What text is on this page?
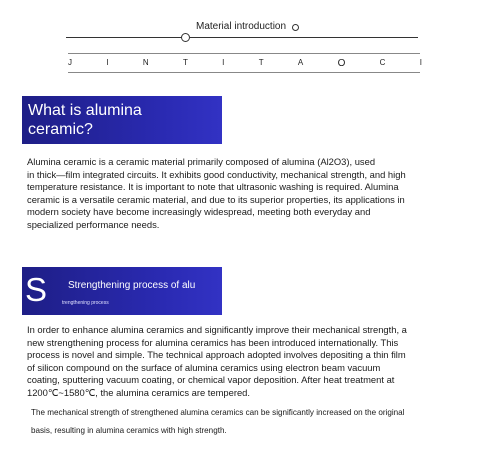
Material introduction
J	I	N	T	I	T	A	O	C	I
What is alumina
ceramic?
Alumina ceramic is a ceramic material primarily composed of alumina (Al2O3), used
in thick—film integrated circuits. It exhibits good conductivity, mechanical strength, and high
temperature resistance. It is important to note that ultrasonic washing is required. Alumina
ceramic is a versatile ceramic material, and due to its superior properties, its applications in
modern society have become increasingly widespread, meeting both everyday and
specialized performance needs.
S Strengthening process of alu
trengthening process
In order to enhance alumina ceramics and significantly improve their mechanical strength, a
new strengthening process for alumina ceramics has been introduced internationally. This
process is novel and simple. The technical approach adopted involves depositing a thin film
of silicon compound on the surface of alumina ceramics using electron beam vacuum
coating, sputtering vacuum coating, or chemical vapor deposition. After heat treatment at
1200℃~1580℃, the alumina ceramics are tempered.
The mechanical strength of strengthened alumina ceramics can be significantly increased on the original
basis, resulting in alumina ceramics with high strength.
